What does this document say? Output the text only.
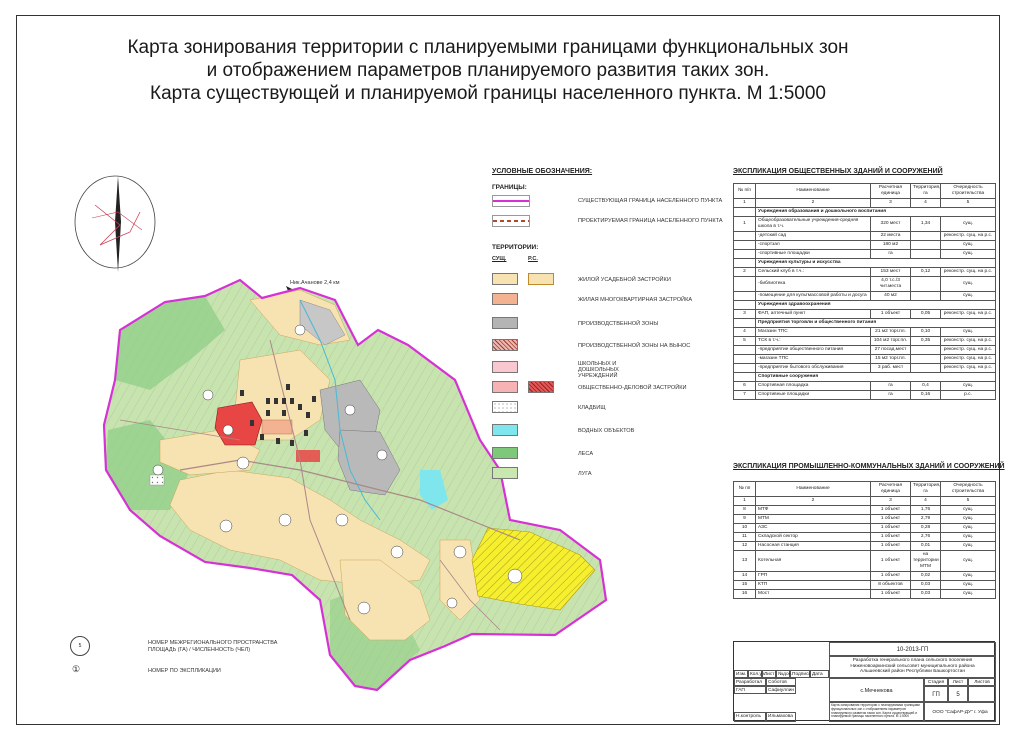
Карта зонирования территории с планируемыми границами функциональных зон
и отображением параметров планируемого развития таких зон.
Карта существующей и планируемой границы населенного пункта. М 1:5000
Ник.Ачанове 2,4 км
УСЛОВНЫЕ ОБОЗНАЧЕНИЯ:
ГРАНИЦЫ:
СУЩЕСТВУЮЩАЯ ГРАНИЦА НАСЕЛЕННОГО ПУНКТА
ПРОЕКТИРУЕМАЯ ГРАНИЦА НАСЕЛЕННОГО ПУНКТА
ТЕРРИТОРИИ:
СУЩ.	Р.С.
ЖИЛОЙ УСАДЕБНОЙ ЗАСТРОЙКИ
ЖИЛАЯ МНОГОКВАРТИРНАЯ ЗАСТРОЙКА
ПРОИЗВОДСТВЕННОЙ ЗОНЫ
ПРОИЗВОДСТВЕННОЙ ЗОНЫ НА ВЫНОС
ШКОЛЬНЫХ И ДОШКОЛЬНЫХ УЧРЕЖДЕНИЙ
ОБЩЕСТВЕННО-ДЕЛОВОЙ ЗАСТРОЙКИ
КЛАДБИЩ
ВОДНЫХ ОБЪЕКТОВ
ЛЕСА
ЛУГА
5	НОМЕР МЕЖРЕГИОНАЛЬНОГО ПРОСТРАНСТВА
ПЛОЩАДЬ (ГА) / ЧИСЛЕННОСТЬ (ЧЕЛ)
①	НОМЕР ПО ЭКСПЛИКАЦИИ
ЭКСПЛИКАЦИЯ ОБЩЕСТВЕННЫХ ЗДАНИЙ И СООРУЖЕНИЙ
№ п/п	Наименование	Расчетная единица	Территория, га	Очередность строительства
1	2	3	4	5
	Учреждения образования и дошкольного воспитания			
1	Общеобразовательные учреждения-средняя школа в т.ч.	320 мест	1,34	сущ.
	-детский сад	22 места		реконстр. сущ. на р.с.
	-спортзал	180 м2		сущ.
	-спортивные площадки	га		сущ.
	Учреждения культуры и искусства			
2	Сельский клуб в т.ч.:	153 мест	0,12	реконстр. сущ. на р.с.
	-библиотека	4,0 т.с./3 чит.места		сущ.
	-помещение для культмассовой работы и досуга	40 м2		сущ.
	Учреждения здравоохранения			
3	ФАП, аптечный пункт	1 объект	0,05	реконстр. сущ. на р.с.
	Предприятия торговли и общественного питания			
4	Магазин ТПС	21 м2 торг.пл.	0,10	сущ.
5	ТСК в т.ч.:	104 м2 торг.пл.	0,35	реконстр. сущ. на р.с.
	-предприятие общественного питания	27 посад.мест		реконстр. сущ. на р.с.
	-магазин ТПС	15 м2 торг.пл.		реконстр. сущ. на р.с.
	-предприятие бытового обслуживания	3 раб. мест		реконстр. сущ. на р.с.
	Спортивные сооружения			
6	Спортивная площадка	га	0,4	сущ.
7	Спортивные площадки	га	0,16	р.с.
ЭКСПЛИКАЦИЯ ПРОМЫШЛЕННО-КОММУНАЛЬНЫХ ЗДАНИЙ И СООРУЖЕНИЙ
№ пп	Наименование	Расчетная единица	Территория, га	Очередность строительства
1	2	3	4	5
8	МТФ	1 объект	1,76	сущ.
9	МТМ	1 объект	2,79	сущ.
10	АЗС	1 объект	0,28	сущ.
11	Складской сектор	1 объект	2,76	сущ.
12	Насосная станция	1 объект	0,01	сущ.
13	Котельная	1 объект	на территории МТМ	сущ.
14	ГРП	1 объект	0,02	сущ.
15	КТП	8 объектов	0,03	сущ.
16	Мост	1 объект	0,03	сущ.
10-2013-ГП
Разработка генерального плана сельского поселения
Ниженовоаркинский сельсовет муниципального района
Альшеевский район Республики Башкортостан
Разработал	Соботов
ГАП	Сафиуллин
Н.контроль	Ильмахова
с.Мечнекова
Стадия	Лист	Листов
ГП	5
Карта зонирования территории с планируемыми границами функциональных зон с отображением параметров планируемого развития таких зон. Карта существующей и планируемой границы населенного пункта. М 1:5000
ООО "СафАР-ДУ" г. Уфа
Изм. Кол.уч.
Лист №док. Подпись Дата
